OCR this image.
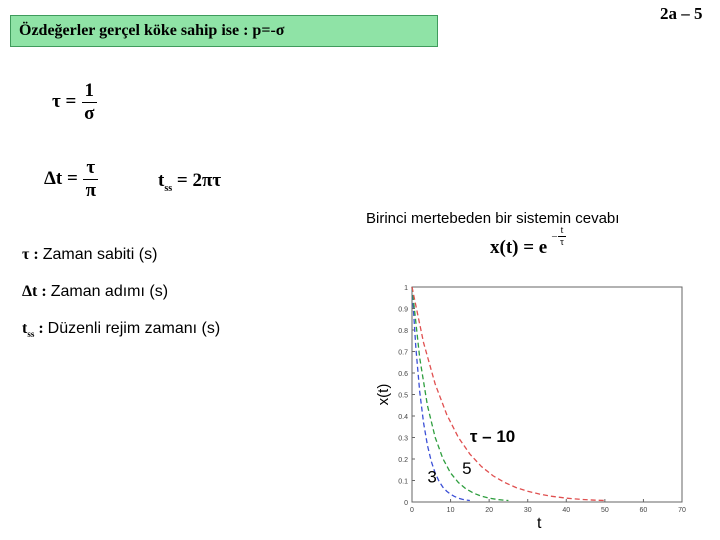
2a – 5
Özdeğerler gerçel köke sahip ise : p=-σ
$\tau = \frac{1}{\sigma}$
$\Delta t = \frac{\tau}{\pi}$	$t_{ss} = 2\pi\tau$
τ : Zaman sabiti (s)
Δt : Zaman adımı (s)
$t_{ss}$ : Düzenli rejim zamanı (s)
Birinci mertebeden bir sistemin cevabı
$x(t) = e - \frac{t}{\tau}$
0
0.1
0.2
0.3
0.4
0.5
0.6
0.7
0.8
0.9
1
0	10	20	30	40	50	60	70
x(t)
t
τ – 10
3 5
